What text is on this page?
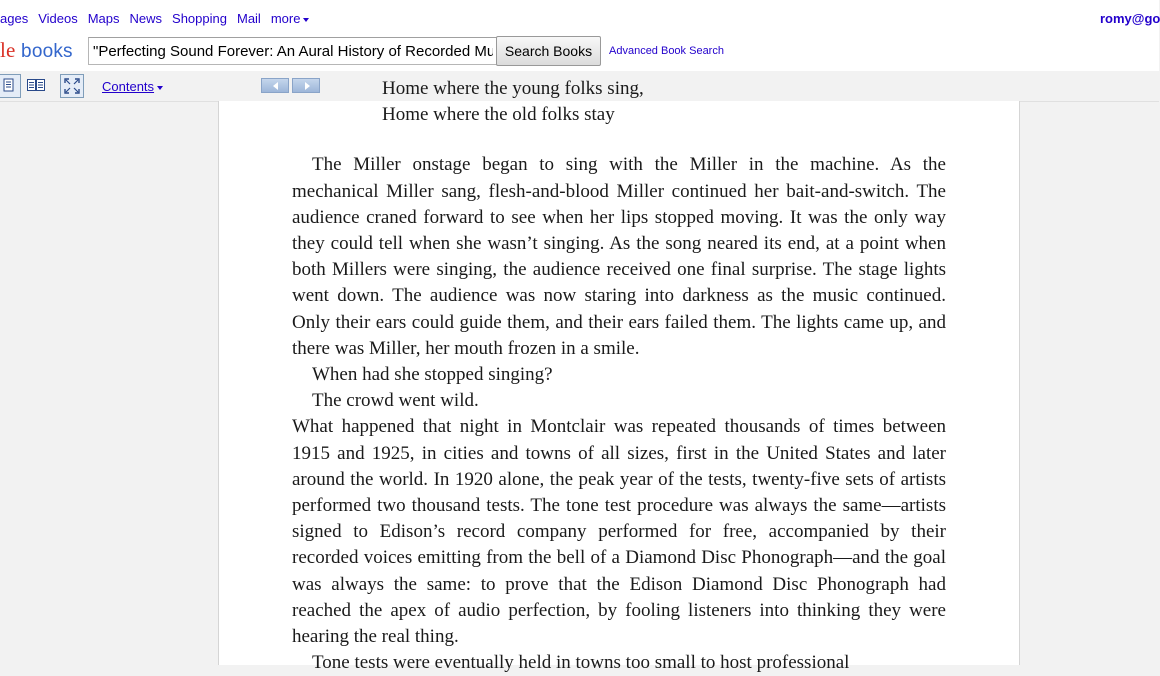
ages Videos Maps News Shopping Mail more	romy@go
le books
"Perfecting Sound Forever: An Aural History of Recorded Music"	Search Books	Advanced Book Search
Contents	Home where the young folks sing,

Home where the old folks stay

The Miller onstage began to sing with the Miller in the machine. As the mechanical Miller sang, flesh-and-blood Miller continued her bait-and-switch. The audience craned forward to see when her lips stopped moving. It was the only way they could tell when she wasn’t singing. As the song neared its end, at a point when both Millers were singing, the audience received one final surprise. The stage lights went down. The audience was now staring into darkness as the music continued. Only their ears could guide them, and their ears failed them. The lights came up, and there was Miller, her mouth frozen in a smile.

When had she stopped singing?

The crowd went wild.

What happened that night in Montclair was repeated thousands of times between 1915 and 1925, in cities and towns of all sizes, first in the United States and later around the world. In 1920 alone, the peak year of the tests, twenty-five sets of artists performed two thousand tests. The tone test procedure was always the same—artists signed to Edison’s record company performed for free, accompanied by their recorded voices emitting from the bell of a Diamond Disc Phonograph—and the goal was always the same: to prove that the Edison Diamond Disc Phonograph had reached the apex of audio perfection, by fooling listeners into thinking they were hearing the real thing.

Tone tests were eventually held in towns too small to host professional
